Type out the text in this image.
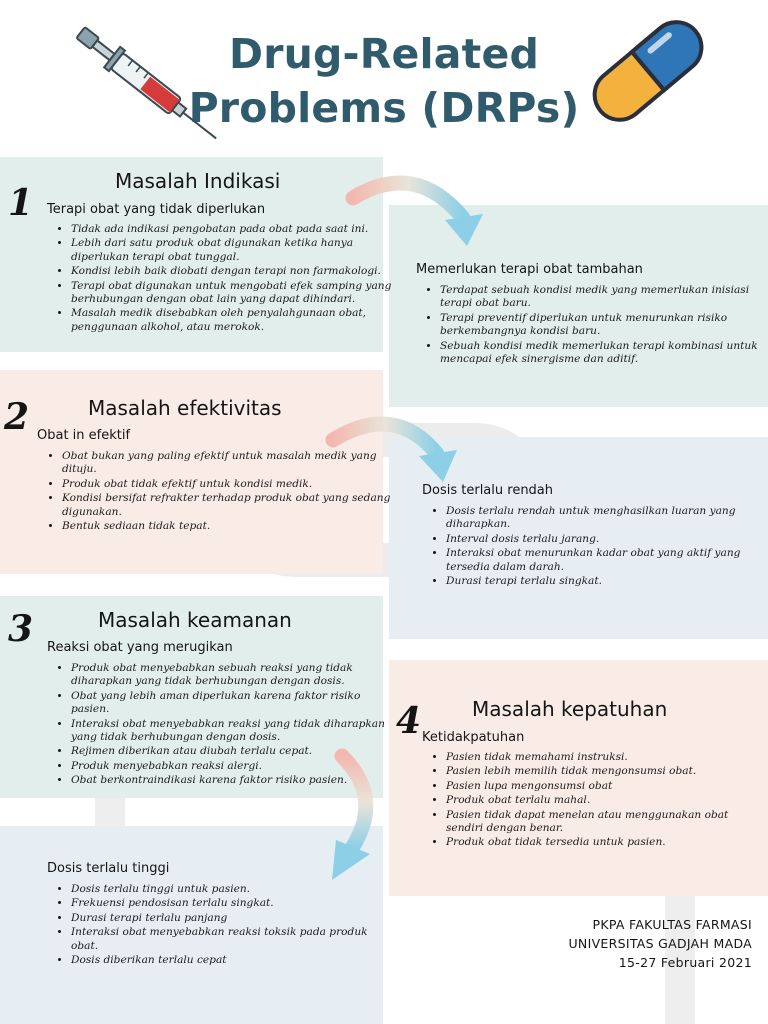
Drug-Related
Problems (DRPs)
1
Masalah Indikasi
Terapi obat yang tidak diperlukan
• Tidak ada indikasi pengobatan pada obat pada saat ini.
• Lebih dari satu produk obat digunakan ketika hanya diperlukan terapi obat tunggal.
• Kondisi lebih baik diobati dengan terapi non farmakologi.
• Terapi obat digunakan untuk mengobati efek samping yang berhubungan dengan obat lain yang dapat dihindari.
• Masalah medik disebabkan oleh penyalahgunaan obat, penggunaan alkohol, atau merokok.
Memerlukan terapi obat tambahan
• Terdapat sebuah kondisi medik yang memerlukan inisiasi terapi obat baru.
• Terapi preventif diperlukan untuk menurunkan risiko berkembangnya kondisi baru.
• Sebuah kondisi medik memerlukan terapi kombinasi untuk mencapai efek sinergisme dan aditif.
2	Masalah efektivitas
Obat in efektif
• Obat bukan yang paling efektif untuk masalah medik yang dituju.
• Produk obat tidak efektif untuk kondisi medik.
• Kondisi bersifat refrakter terhadap produk obat yang sedang digunakan.
• Bentuk sediaan tidak tepat.
Dosis terlalu rendah
• Dosis terlalu rendah untuk menghasilkan luaran yang diharapkan.
• Interval dosis terlalu jarang.
• Interaksi obat menurunkan kadar obat yang aktif yang tersedia dalam darah.
• Durasi terapi terlalu singkat.
3	Masalah keamanan
Reaksi obat yang merugikan
• Produk obat menyebabkan sebuah reaksi yang tidak diharapkan yang tidak berhubungan dengan dosis.
• Obat yang lebih aman diperlukan karena faktor risiko pasien.
• Interaksi obat menyebabkan reaksi yang tidak diharapkan yang tidak berhubungan dengan dosis.
• Rejimen diberikan atau diubah terlalu cepat.
• Produk menyebabkan reaksi alergi.
• Obat berkontraindikasi karena faktor risiko pasien.
Dosis terlalu tinggi
• Dosis terlalu tinggi untuk pasien.
• Frekuensi pendosisan terlalu singkat.
• Durasi terapi terlalu panjang
• Interaksi obat menyebabkan reaksi toksik pada produk obat.
• Dosis diberikan terlalu cepat
4	Masalah kepatuhan
Ketidakpatuhan
• Pasien tidak memahami instruksi.
• Pasien lebih memilih tidak mengonsumsi obat.
• Pasien lupa mengonsumsi obat
• Produk obat terlalu mahal.
• Pasien tidak dapat menelan atau menggunakan obat sendiri dengan benar.
• Produk obat tidak tersedia untuk pasien.
PKPA FAKULTAS FARMASI
UNIVERSITAS GADJAH MADA
15-27 Februari 2021
